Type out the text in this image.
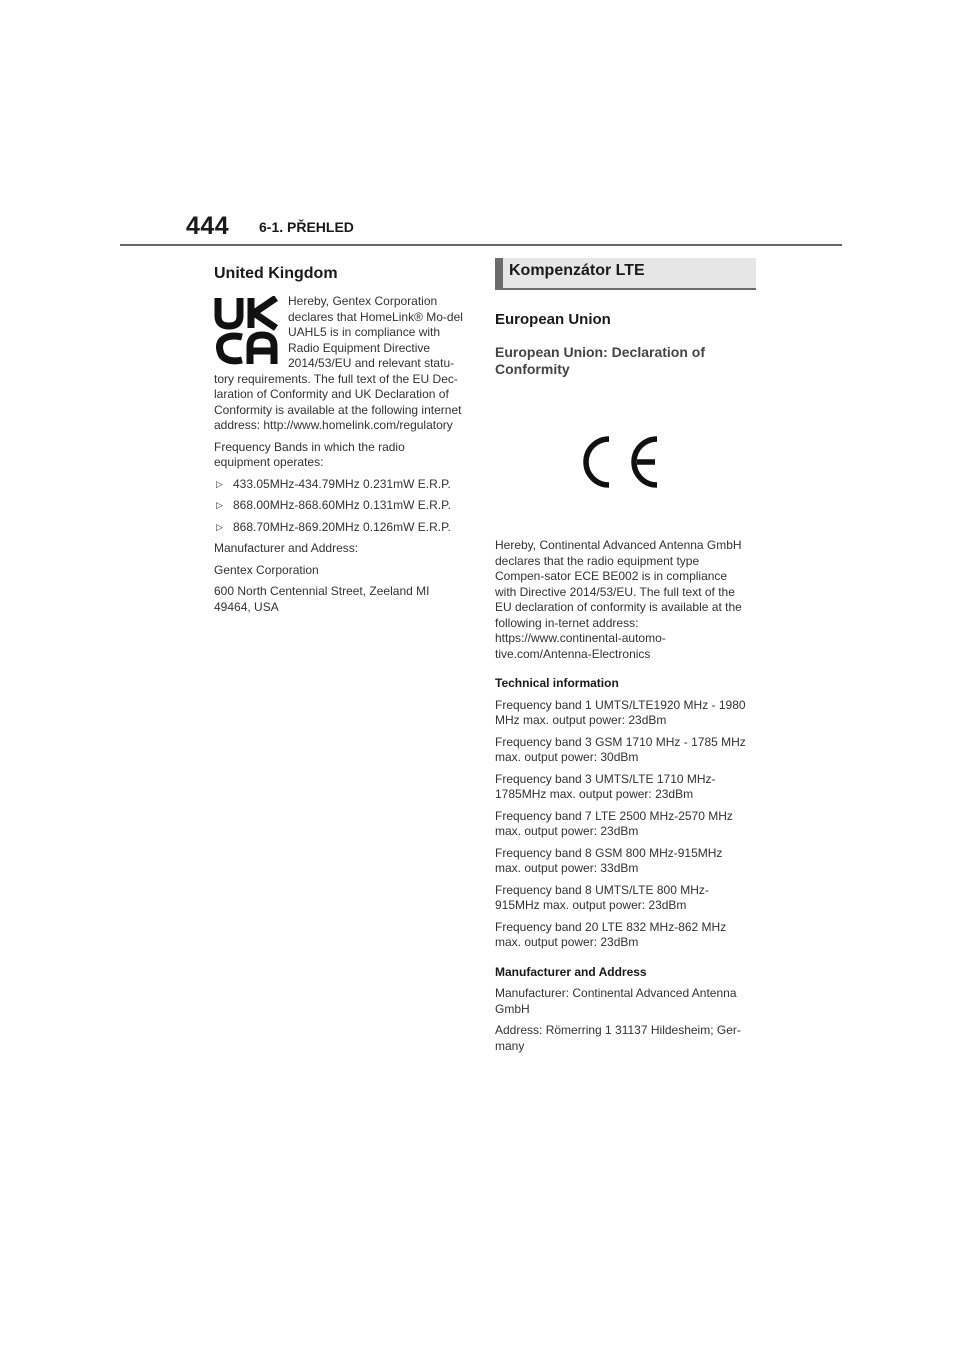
444 6-1. PŘEHLED
United Kingdom

Hereby, Gentex Corporation declares that HomeLink® Mo-del UAHL5 is in compliance with Radio Equipment Directive 2014/53/EU and relevant statu-tory requirements. The full text of the EU Dec-laration of Conformity and UK Declaration of Conformity is available at the following internet address: http://www.homelink.com/regulatory

Frequency Bands in which the radio equipment operates:

▷ 433.05MHz-434.79MHz 0.231mW E.R.P.
▷ 868.00MHz-868.60MHz 0.131mW E.R.P.
▷ 868.70MHz-869.20MHz 0.126mW E.R.P.

Manufacturer and Address:

Gentex Corporation

600 North Centennial Street, Zeeland MI 49464, USA

Kompenzátor LTE
European Union
European Union: Declaration of Conformity

Hereby, Continental Advanced Antenna GmbH declares that the radio equipment type Compen-sator ECE BE002 is in compliance with Directive 2014/53/EU. The full text of the EU declaration of conformity is available at the following in-ternet address: https://www.continental-automo-tive.com/Antenna-Electronics

Technical information

Frequency band 1 UMTS/LTE1920 MHz - 1980 MHz max. output power: 23dBm

Frequency band 3 GSM 1710 MHz - 1785 MHz max. output power: 30dBm

Frequency band 3 UMTS/LTE 1710 MHz-1785MHz max. output power: 23dBm

Frequency band 7 LTE 2500 MHz-2570 MHz max. output power: 23dBm

Frequency band 8 GSM 800 MHz-915MHz max. output power: 33dBm

Frequency band 8 UMTS/LTE 800 MHz-915MHz max. output power: 23dBm

Frequency band 20 LTE 832 MHz-862 MHz max. output power: 23dBm

Manufacturer and Address

Manufacturer: Continental Advanced Antenna GmbH

Address: Römerring 1 31137 Hildesheim; Ger-many
